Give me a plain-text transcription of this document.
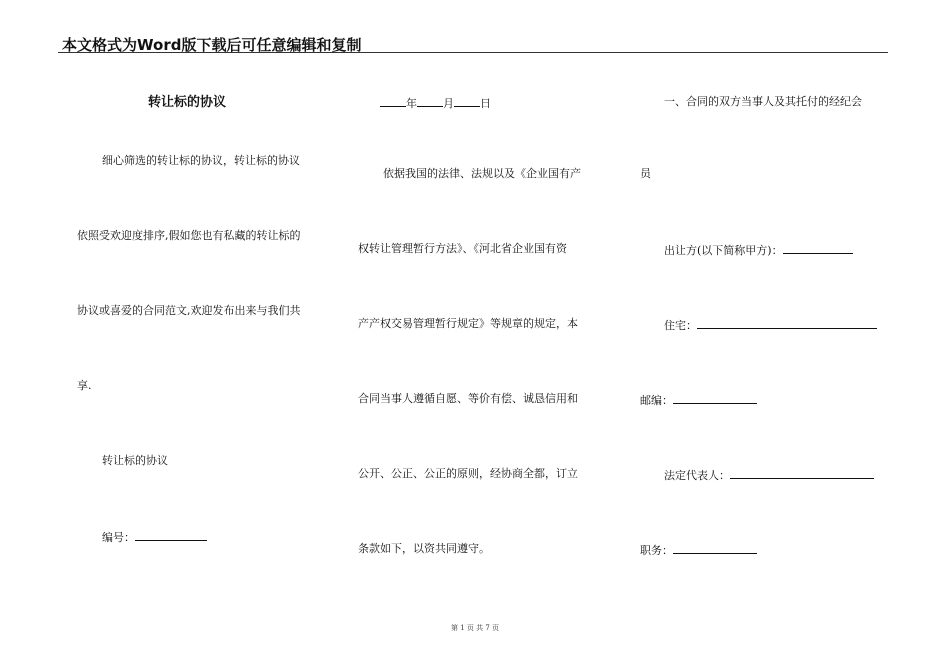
本文格式为Word版下载后可任意编辑和复制
转让标的协议
细心筛选的转让标的协议，转让标的协议
依照受欢迎度排序,假如您也有私藏的转让标的
协议或喜爱的合同范文,欢迎发布出来与我们共
享.
转让标的协议
编号：
年 月 日
依据我国的法律、法规以及《企业国有产
权转让管理暂行方法》、《河北省企业国有资
产产权交易管理暂行规定》等规章的规定，本
合同当事人遵循自愿、等价有偿、诚恳信用和
公开、公正、公正的原则，经协商全都，订立
条款如下，以资共同遵守。
一、合同的双方当事人及其托付的经纪会
员
出让方(以下简称甲方)：
住宅：
邮编：
法定代表人：
职务：
第 1 页 共 7 页
